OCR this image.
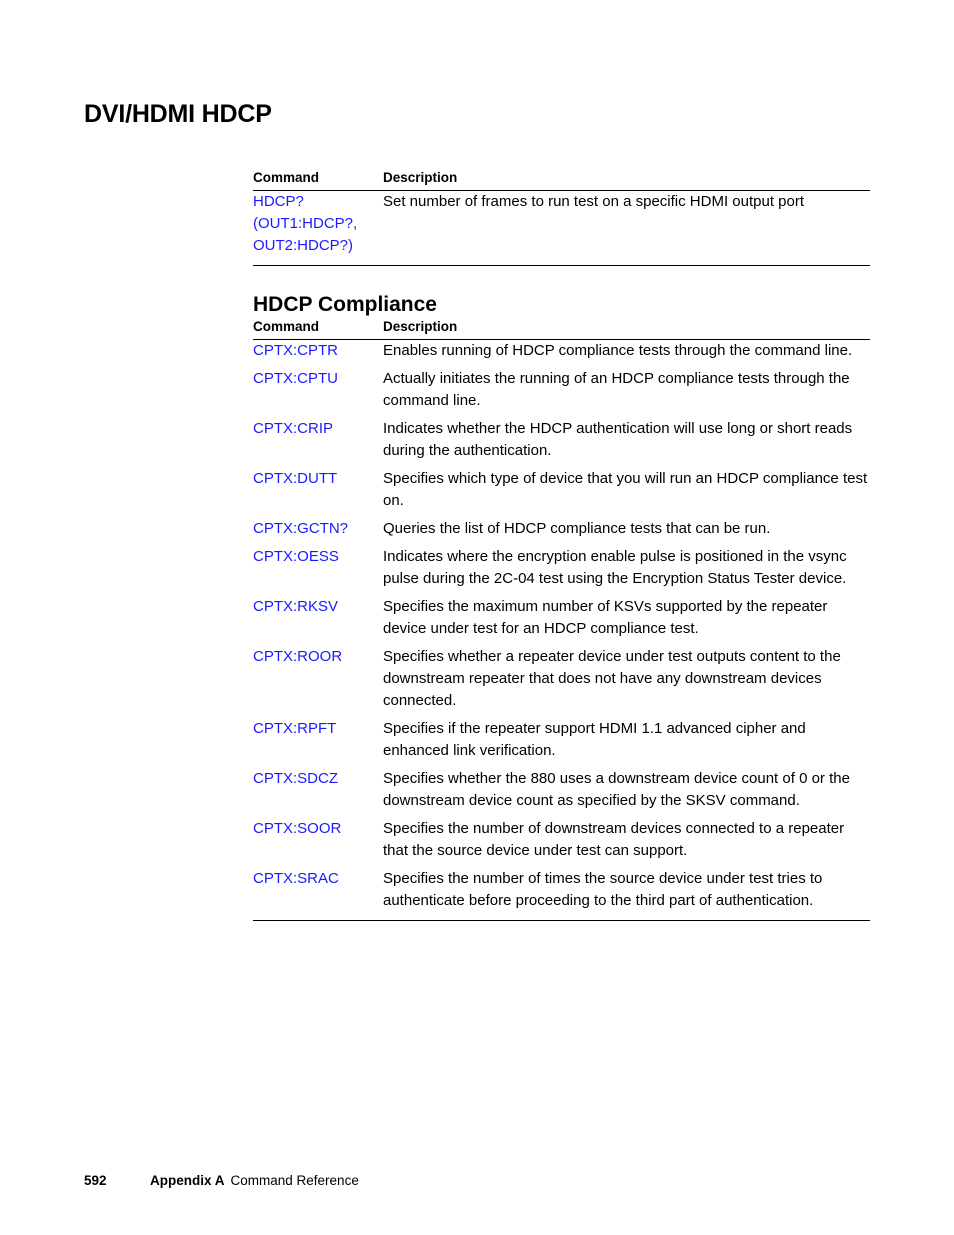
DVI/HDMI HDCP
Command	Description

HDCP? (OUT1:HDCP?, OUT2:HDCP?)	Set number of frames to run test on a specific HDMI output port
HDCP Compliance
Command	Description
CPTX:CPTR	Enables running of HDCP compliance tests through the command line.
CPTX:CPTU	Actually initiates the running of an HDCP compliance tests through the command line.
CPTX:CRIP	Indicates whether the HDCP authentication will use long or short reads during the authentication.
CPTX:DUTT	Specifies which type of device that you will run an HDCP compliance test on.
CPTX:GCTN?	Queries the list of HDCP compliance tests that can be run.
CPTX:OESS	Indicates where the encryption enable pulse is positioned in the vsync pulse during the 2C-04 test using the Encryption Status Tester device.
CPTX:RKSV	Specifies the maximum number of KSVs supported by the repeater device under test for an HDCP compliance test.
CPTX:ROOR	Specifies whether a repeater device under test outputs content to the downstream repeater that does not have any downstream devices connected.
CPTX:RPFT	Specifies if the repeater support HDMI 1.1 advanced cipher and enhanced link verification.
CPTX:SDCZ	Specifies whether the 880 uses a downstream device count of 0 or the downstream device count as specified by the SKSV command.
CPTX:SOOR	Specifies the number of downstream devices connected to a repeater that the source device under test can support.
CPTX:SRAC	Specifies the number of times the source device under test tries to authenticate before proceeding to the third part of authentication.
592	Appendix A Command Reference
